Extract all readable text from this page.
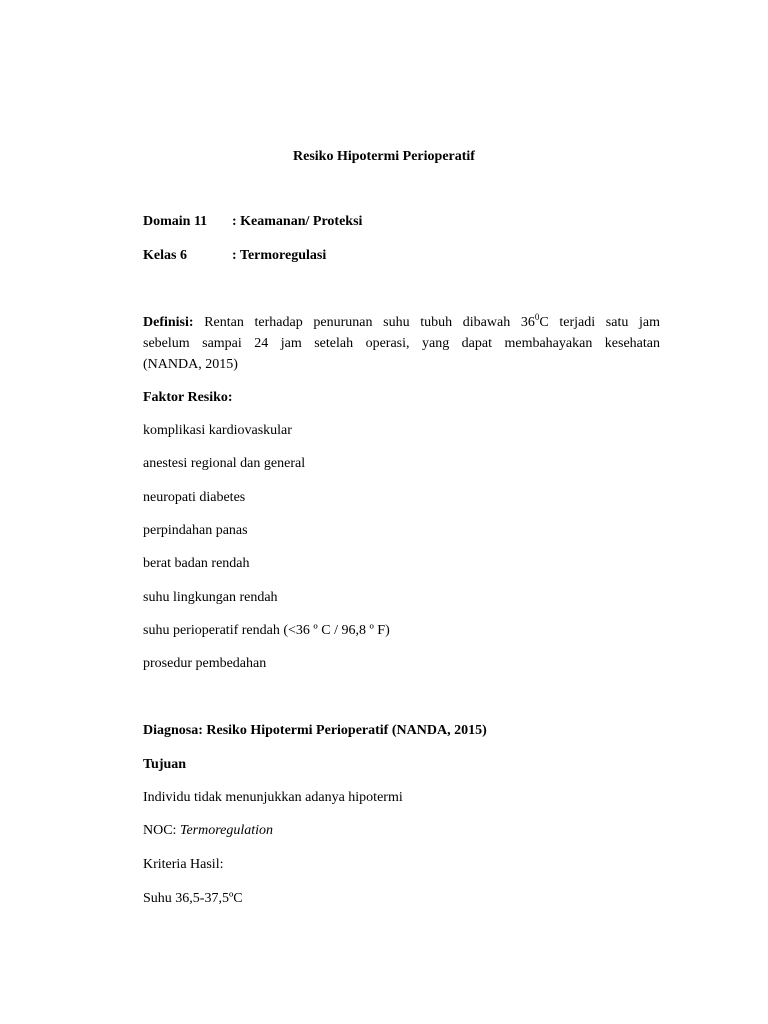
Resiko Hipotermi Perioperatif
Domain 11 : Keamanan/ Proteksi
Kelas 6	: Termoregulasi
Definisi: Rentan terhadap penurunan suhu tubuh dibawah $36^0C$ terjadi satu jam
sebelum sampai 24 jam setelah operasi, yang dapat membahayakan kesehatan
(NANDA, 2015)
Faktor Resiko:
komplikasi kardiovaskular
anestesi regional dan general
neuropati diabetes
perpindahan panas
berat badan rendah
suhu lingkungan rendah
suhu perioperatif rendah (<36 º C / 96,8 º F)
prosedur pembedahan
Diagnosa: Resiko Hipotermi Perioperatif (NANDA, 2015)
Tujuan
Individu tidak menunjukkan adanya hipotermi
NOC: Termoregulation
Kriteria Hasil:
Suhu 36,5-37,5ºC
